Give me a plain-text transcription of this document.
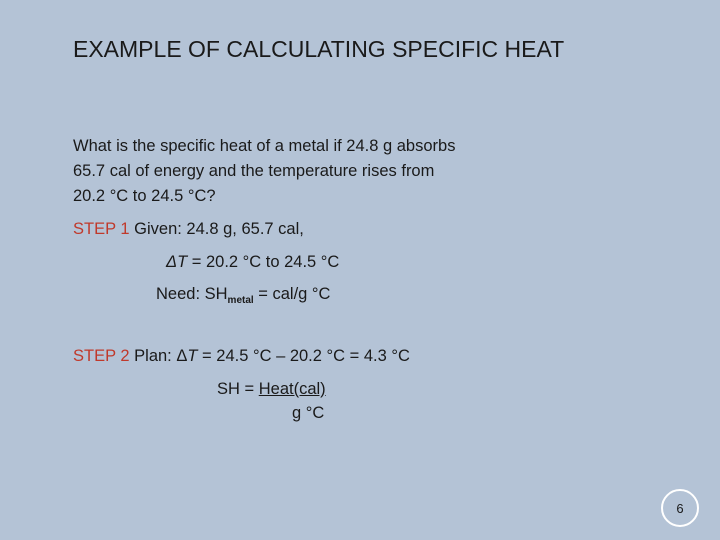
EXAMPLE OF CALCULATING SPECIFIC HEAT
What is the specific heat of a metal if 24.8 g absorbs
65.7 cal of energy and the temperature rises from
20.2 °C to 24.5 °C?
STEP 1 Given: 24.8 g, 65.7 cal,
ΔT = 20.2 °C to 24.5 °C
Need: $SH_{metal} = cal/g$ °C
STEP 2 Plan: ΔT = 24.5 °C – 20.2 °C = 4.3 °C
SH = Heat(cal)
g °C
6
